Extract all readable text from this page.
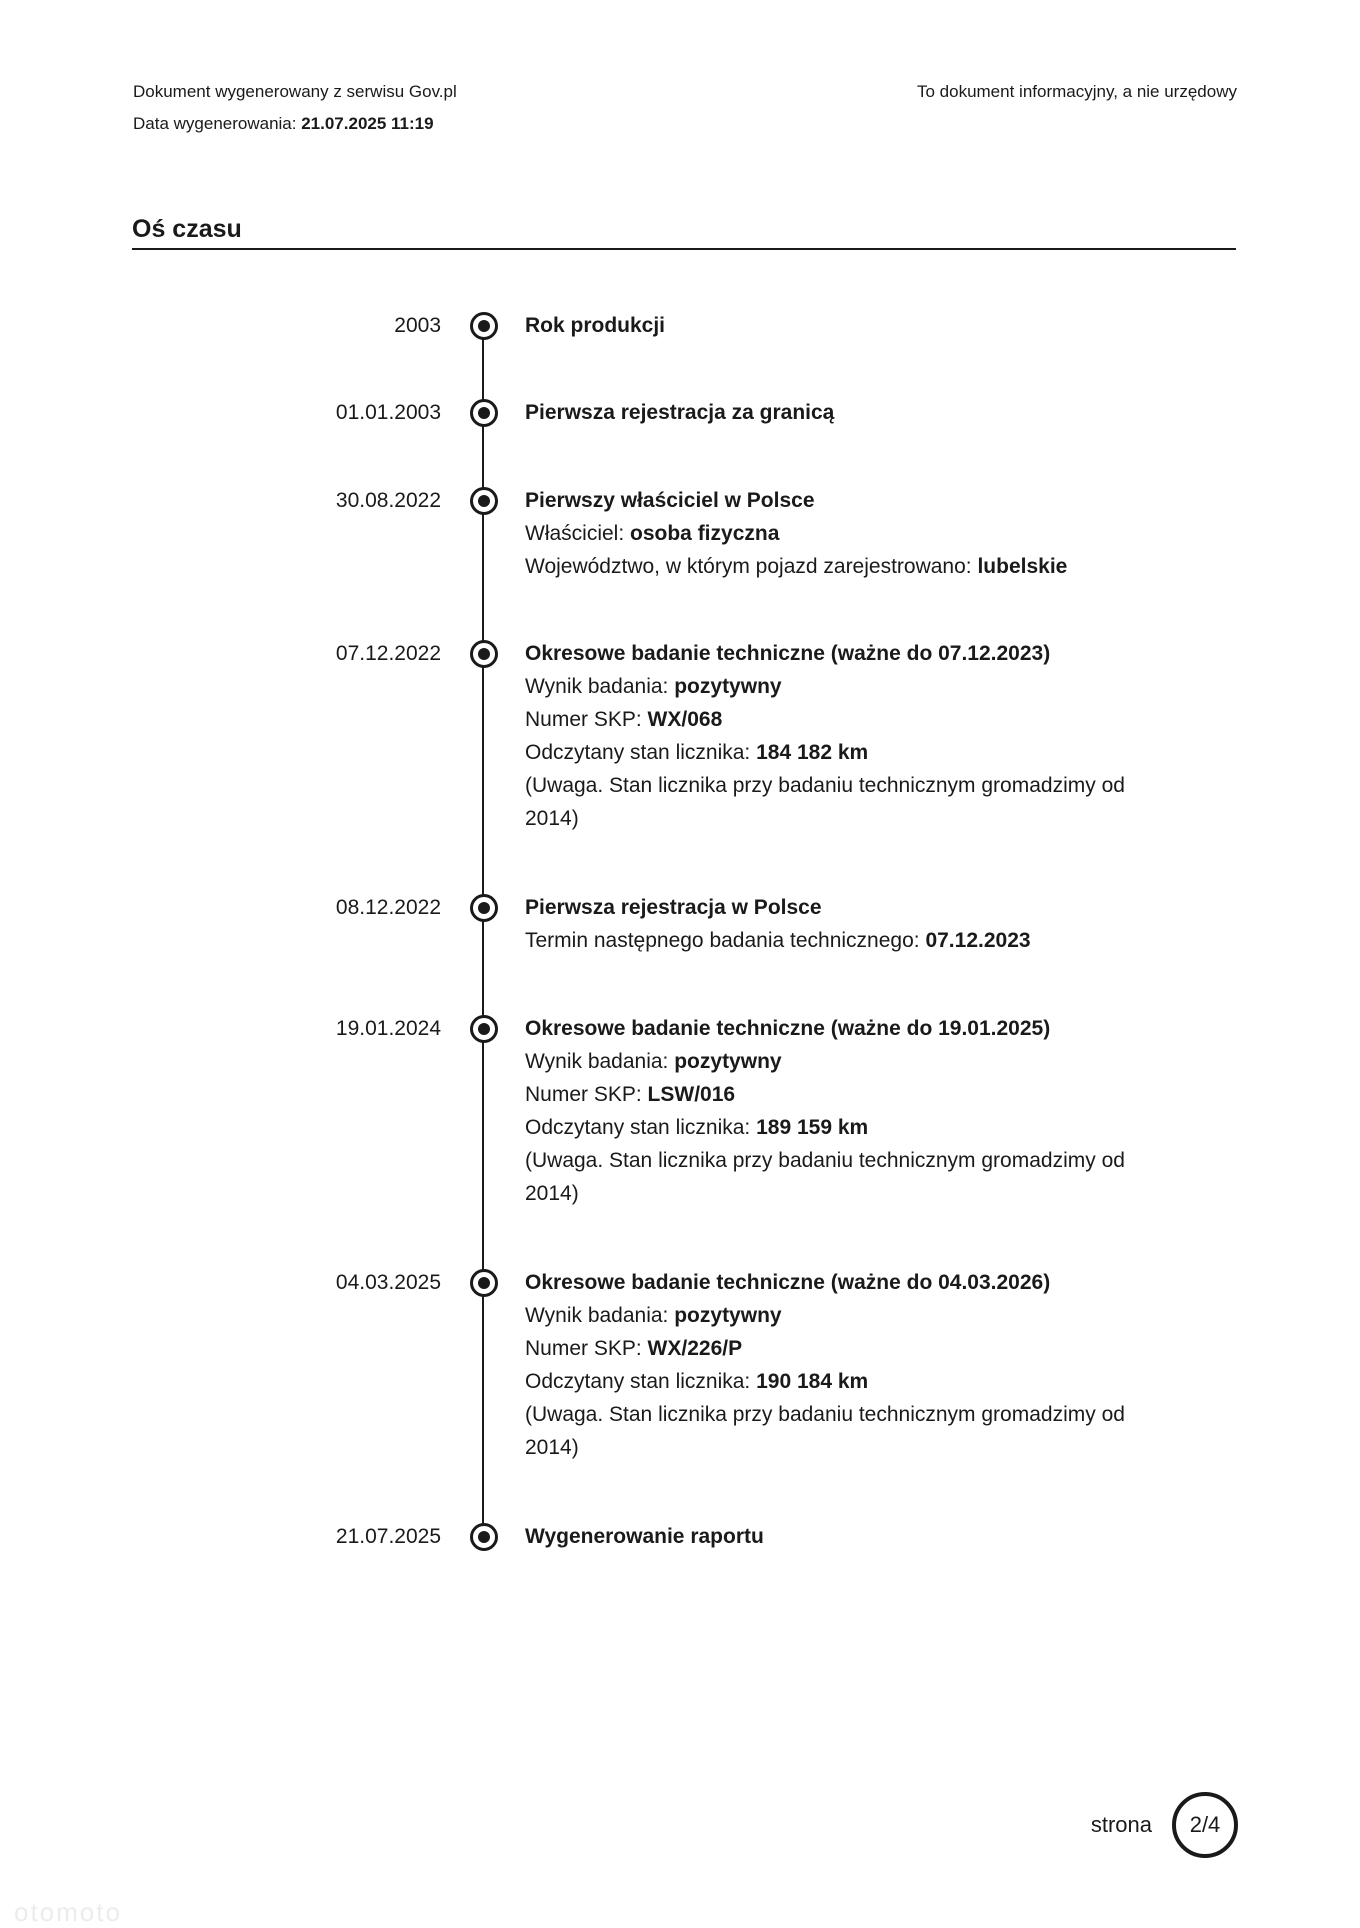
Dokument wygenerowany z serwisu Gov.pl
Data wygenerowania: 21.07.2025 11:19
To dokument informacyjny, a nie urzędowy
Oś czasu
2003	Rok produkcji
01.01.2003	Pierwsza rejestracja za granicą
30.08.2022	Pierwszy właściciel w Polsce
Właściciel: osoba fizyczna
Województwo, w którym pojazd zarejestrowano: lubelskie
07.12.2022	Okresowe badanie techniczne (ważne do 07.12.2023)
Wynik badania: pozytywny
Numer SKP: WX/068
Odczytany stan licznika: 184 182 km
(Uwaga. Stan licznika przy badaniu technicznym gromadzimy od
2014)
08.12.2022	Pierwsza rejestracja w Polsce
Termin następnego badania technicznego: 07.12.2023
19.01.2024	Okresowe badanie techniczne (ważne do 19.01.2025)
Wynik badania: pozytywny
Numer SKP: LSW/016
Odczytany stan licznika: 189 159 km
(Uwaga. Stan licznika przy badaniu technicznym gromadzimy od
2014)
04.03.2025	Okresowe badanie techniczne (ważne do 04.03.2026)
Wynik badania: pozytywny
Numer SKP: WX/226/P
Odczytany stan licznika: 190 184 km
(Uwaga. Stan licznika przy badaniu technicznym gromadzimy od
2014)
21.07.2025	Wygenerowanie raportu
strona	2/4
otomoto
